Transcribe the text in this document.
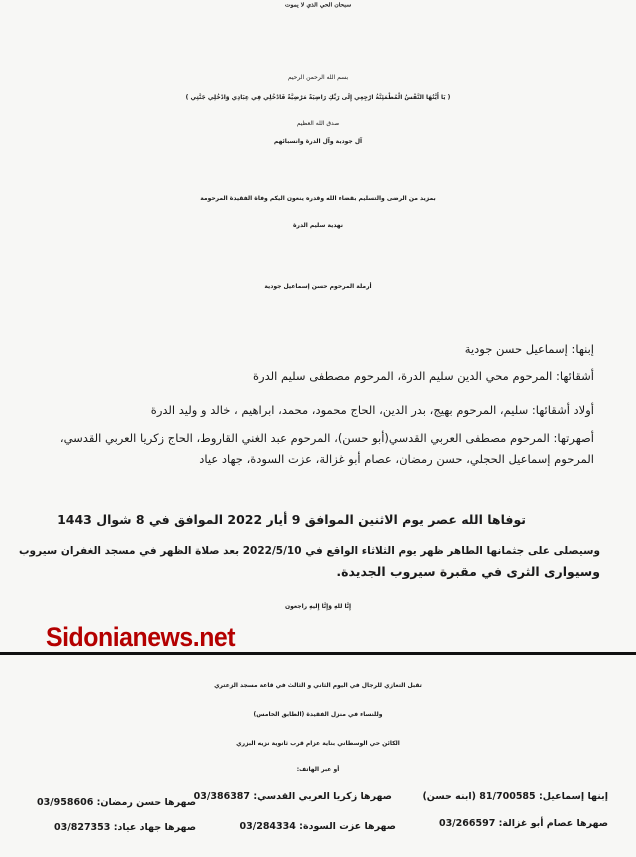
سبحان الحي الذي لا يموت
بسم الله الرحمن الرحيم
( يَا أَيَّتُهَا النَّفْسُ الْمُطْمَئِنَّةُ ارْجِعِي إِلَى رَبِّكِ رَاضِيَةً مَرْضِيَّةً فَادْخُلِي فِي عِبَادِي وَادْخُلِي جَنَّتِي )
صدق الله العظيم
آل جودية وآل الدرة وانسبائهم
بمزيد من الرضى والتسليم بقضاء الله وقدره ينعون اليكم وفاة الفقيدة المرحومة
نهدية سليم الدرة
أرملة المرحوم حسن إسماعيل جودية
إبنها: إسماعيل حسن جودية
أشقائها: المرحوم محي الدين سليم الدرة، المرحوم مصطفى سليم الدرة
أولاد أشقائها: سليم، المرحوم بهيج، بدر الدين، الحاج محمود، محمد، ابراهيم ، خالد و وليد الدرة
أصهرتها: المرحوم مصطفى العربي القدسي(أبو حسن)، المرحوم عبد الغني القاروط، الحاج زكريا العربي القدسي،
المرحوم إسماعيل الحجلي، حسن رمضان، عصام أبو غزالة، عزت السودة، جهاد عياد
توفاها الله عصر يوم الاثنين الموافق 9 أيار 2022 الموافق في 8 شوال 1443
وسيصلى على جثمانها الطاهر ظهر يوم الثلاثاء الواقع في 2022/5/10 بعد صلاة الظهر في مسجد الغفران سيروب
وسيوارى الثرى في مقبرة سيروب الجديدة.
إِنَّا للهِ وَإِنَّا إِليهِ راجعون
تقبل التعازي للرجال في اليوم الثاني و الثالث في قاعة مسجد الزعتري
وللنساء في منزل الفقيدة (الطابق الخامس)
الكائن حي الوسطاني بناية عزام قرب ثانوية نزيه البزري
أو عبر الهاتف:
إبنها إسماعيل: 81/700585 (ابنه حسن)
صهرها زكريا العربي القدسي: 03/386387
صهرها حسن رمضان: 03/958606
صهرها عصام أبو غزالة: 03/266597
صهرها عزت السودة: 03/284334
صهرها جهاد عياد: 03/827353
Sidonianews.net
